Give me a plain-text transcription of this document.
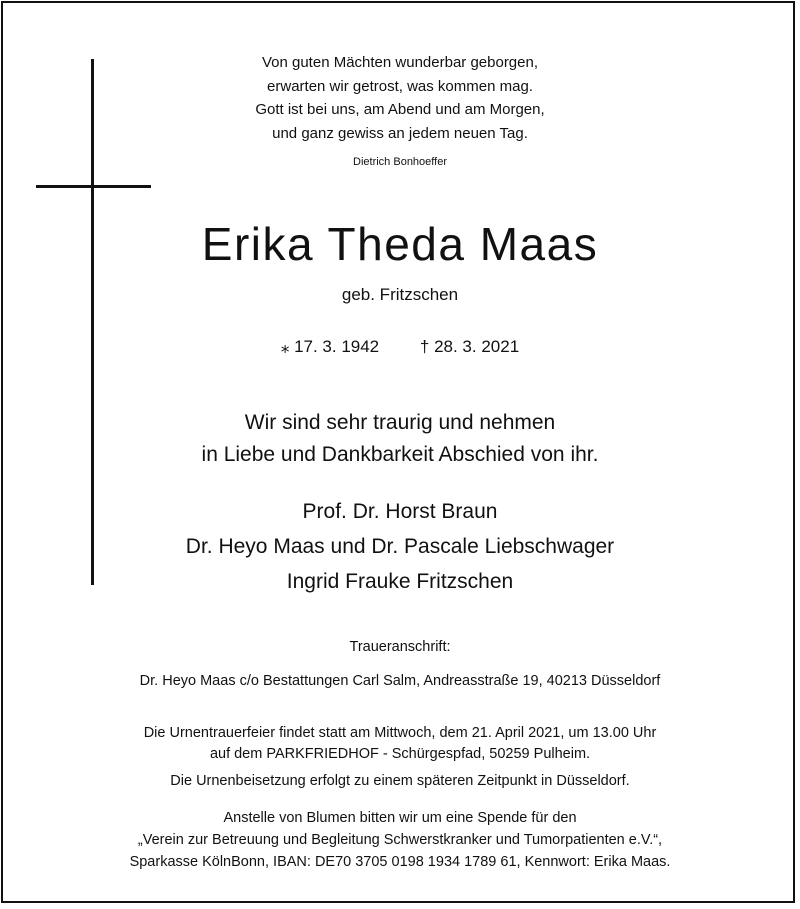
Von guten Mächten wunderbar geborgen,
erwarten wir getrost, was kommen mag.
Gott ist bei uns, am Abend und am Morgen,
und ganz gewiss an jedem neuen Tag.
Dietrich Bonhoeffer
Erika Theda Maas
geb. Fritzschen
⁎ 17. 3. 1942 † 28. 3. 2021
Wir sind sehr traurig und nehmen
in Liebe und Dankbarkeit Abschied von ihr.
Prof. Dr. Horst Braun
Dr. Heyo Maas und Dr. Pascale Liebschwager
Ingrid Frauke Fritzschen
Traueranschrift:
Dr. Heyo Maas c/o Bestattungen Carl Salm, Andreasstraße 19, 40213 Düsseldorf
Die Urnentrauerfeier findet statt am Mittwoch, dem 21. April 2021, um 13.00 Uhr
auf dem PARKFRIEDHOF - Schürgespfad, 50259 Pulheim.
Die Urnenbeisetzung erfolgt zu einem späteren Zeitpunkt in Düsseldorf.
Anstelle von Blumen bitten wir um eine Spende für den
„Verein zur Betreuung und Begleitung Schwerstkranker und Tumorpatienten e.V.“,
Sparkasse KölnBonn, IBAN: DE70 3705 0198 1934 1789 61, Kennwort: Erika Maas.
